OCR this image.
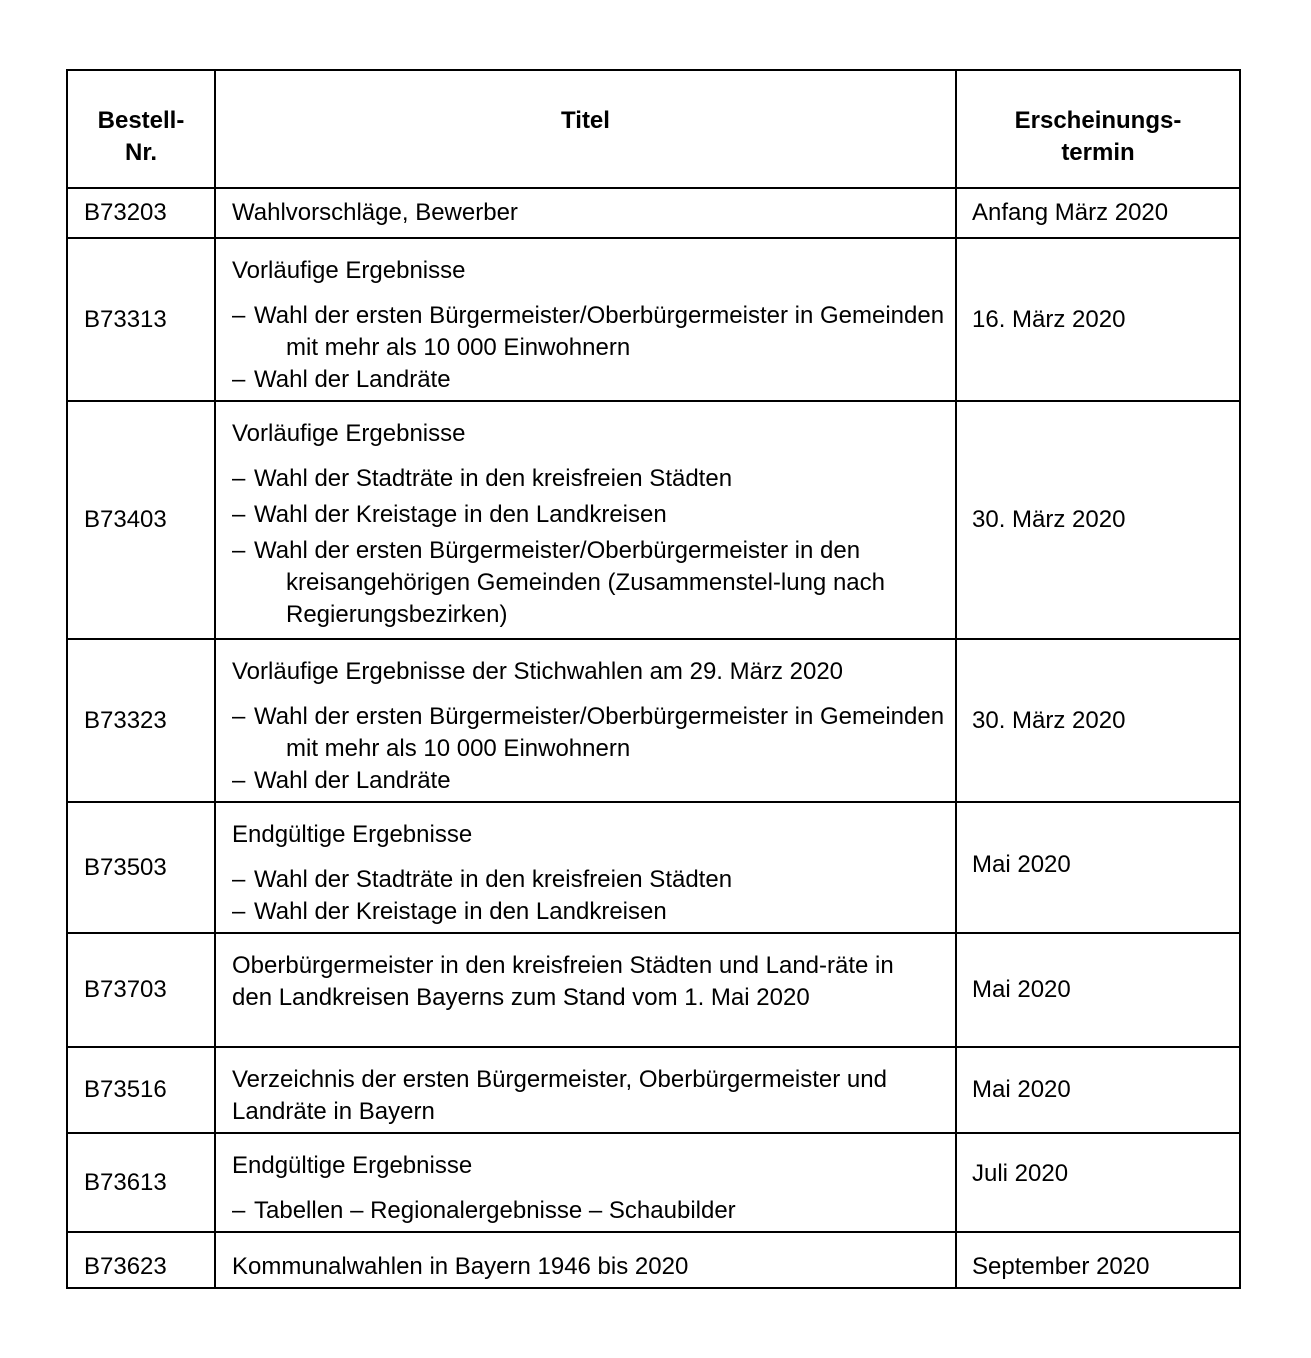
Bestell-
Nr.	Titel	Erscheinungs-
termin

B73203	Wahlvorschläge, Bewerber	Anfang März 2020
B73313	Vorläufige Ergebnisse
– Wahl der ersten Bürgermeister/Oberbürgermeister in Gemeinden mit mehr als 10 000 Einwohnern
– Wahl der Landräte	16. März 2020
B73403	Vorläufige Ergebnisse
– Wahl der Stadträte in den kreisfreien Städten
– Wahl der Kreistage in den Landkreisen
– Wahl der ersten Bürgermeister/Oberbürgermeister in den kreisangehörigen Gemeinden (Zusammenstel-lung nach Regierungsbezirken)	30. März 2020
B73323	Vorläufige Ergebnisse der Stichwahlen am 29. März 2020
– Wahl der ersten Bürgermeister/Oberbürgermeister in Gemeinden mit mehr als 10 000 Einwohnern
– Wahl der Landräte	30. März 2020
B73503	Endgültige Ergebnisse
– Wahl der Stadträte in den kreisfreien Städten
– Wahl der Kreistage in den Landkreisen	Mai 2020
B73703	Oberbürgermeister in den kreisfreien Städten und Land-räte in den Landkreisen Bayerns zum Stand vom 1. Mai 2020	Mai 2020
B73516	Verzeichnis der ersten Bürgermeister, Oberbürgermeister und Landräte in Bayern	Mai 2020
B73613	Endgültige Ergebnisse
– Tabellen – Regionalergebnisse – Schaubilder	Juli 2020
B73623	Kommunalwahlen in Bayern 1946 bis 2020	September 2020
